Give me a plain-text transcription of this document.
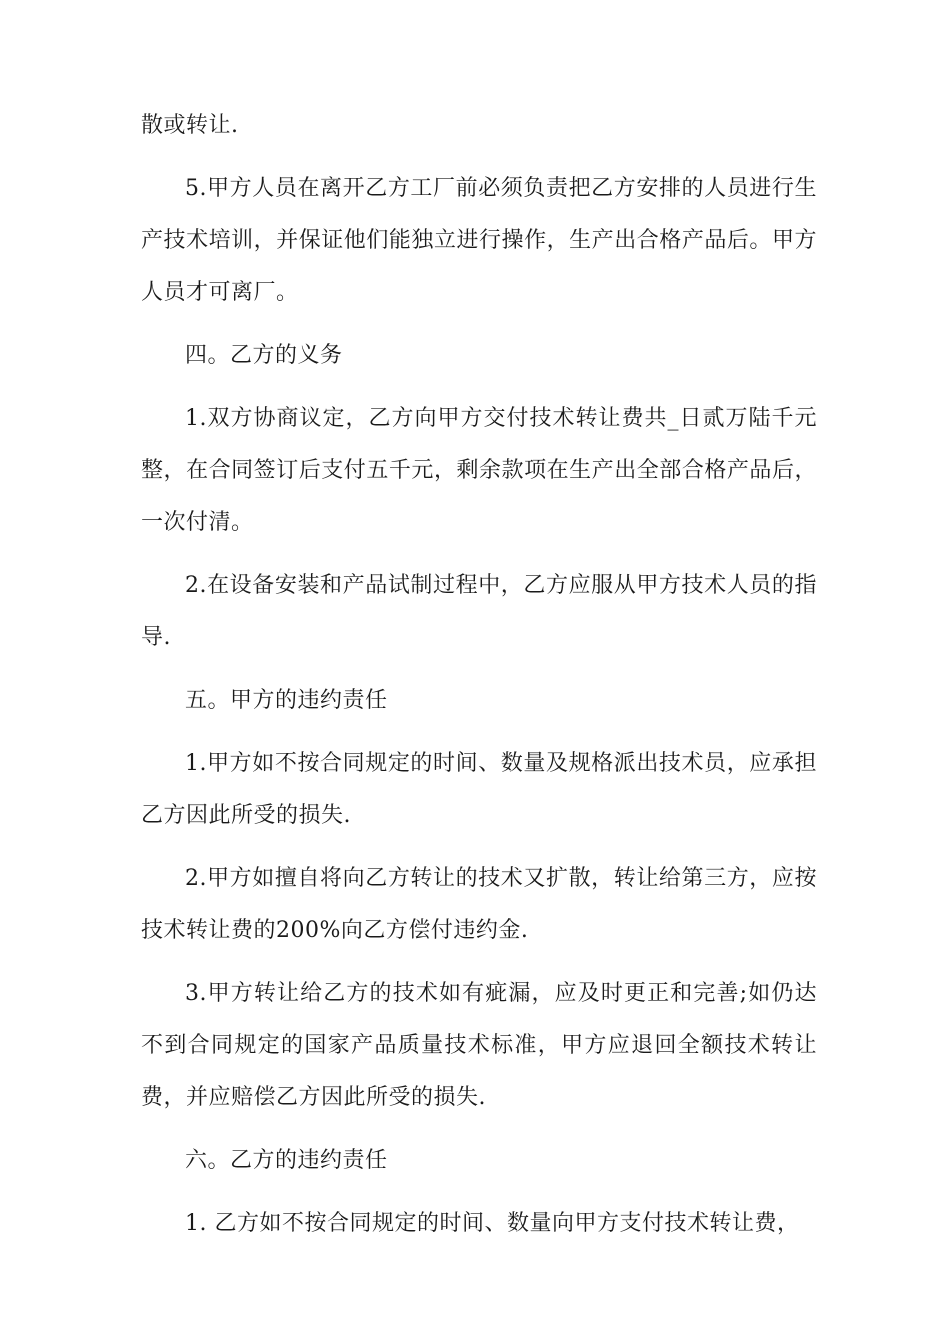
散或转让.

5.甲方人员在离开乙方工厂前必须负责把乙方安排的人员进行生产技术培训，并保证他们能独立进行操作，生产出合格产品后。甲方人员才可离厂。

四。乙方的义务

1.双方协商议定，乙方向甲方交付技术转让费共_日贰万陆千元整，在合同签订后支付五千元，剩余款项在生产出全部合格产品后，一次付清。

2.在设备安装和产品试制过程中，乙方应服从甲方技术人员的指导.

五。甲方的违约责任

1.甲方如不按合同规定的时间、数量及规格派出技术员，应承担乙方因此所受的损失.

2.甲方如擅自将向乙方转让的技术又扩散，转让给第三方，应按技术转让费的200%向乙方偿付违约金.

3.甲方转让给乙方的技术如有疵漏，应及时更正和完善;如仍达不到合同规定的国家产品质量技术标准，甲方应退回全额技术转让费，并应赔偿乙方因此所受的损失.

六。乙方的违约责任

1. 乙方如不按合同规定的时间、数量向甲方支付技术转让费，
